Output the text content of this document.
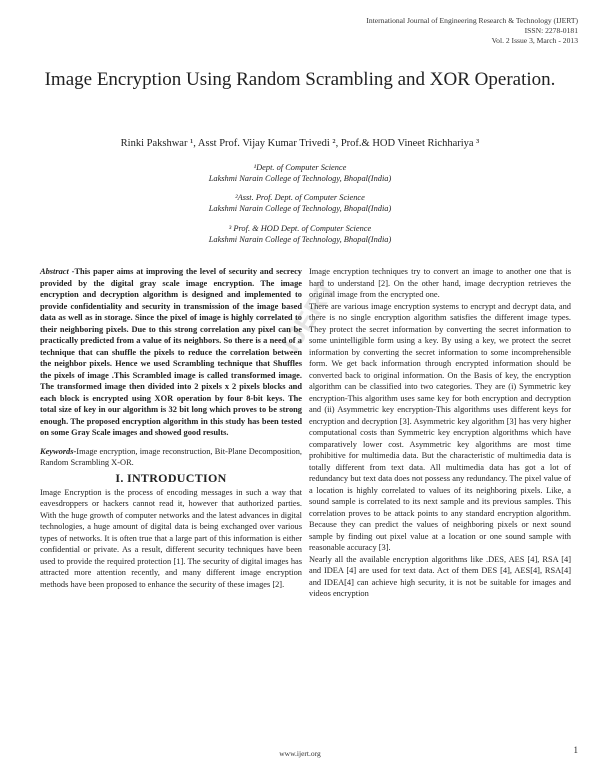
International Journal of Engineering Research & Technology (IJERT)
ISSN: 2278-0181
Vol. 2 Issue 3, March - 2013
Image Encryption Using Random Scrambling and XOR Operation.
Rinki Pakshwar ¹, Asst Prof. Vijay Kumar Trivedi ², Prof.& HOD Vineet Richhariya ³
¹Dept. of Computer Science
Lakshmi Narain College of Technology, Bhopal(India)
²Asst. Prof. Dept. of Computer Science
Lakshmi Narain College of Technology, Bhopal(India)
³ Prof. & HOD Dept. of Computer Science
Lakshmi Narain College of Technology, Bhopal(India)
IJERT

Abstract -This paper aims at improving the level of security and secrecy provided by the digital gray scale image encryption. The image encryption and decryption algorithm is designed and implemented to provide confidentiality and security in transmission of the image based data as well as in storage. Since the pixel of image is highly correlated to their neighboring pixels. Due to this strong correlation any pixel can be practically predicted from a value of its neighbors. So there is a need of a technique that can shuffle the pixels to reduce the correlation between the neighbor pixels. Hence we used Scrambling technique that Shuffles the pixels of image .This Scrambled image is called transformed image. The transformed image then divided into 2 pixels x 2 pixels blocks and each block is encrypted using XOR operation by four 8-bit keys. The total size of key in our algorithm is 32 bit long which proves to be strong enough. The proposed encryption algorithm in this study has been tested on some Gray Scale images and showed good results.

Keywords-Image encryption, image reconstruction, Bit-Plane Decomposition, Random Scrambling X-OR.

I. INTRODUCTION

Image Encryption is the process of encoding messages in such a way that eavesdroppers or hackers cannot read it, however that authorized parties. With the huge growth of computer networks and the latest advances in digital technologies, a huge amount of digital data is being exchanged over various types of networks. It is often true that a large part of this information is either confidential or private. As a result, different security techniques have been used to provide the required protection [1]. The security of digital images has attracted more attention recently, and many different image encryption methods have been proposed to enhance the security of these images [2].

Image encryption techniques try to convert an image to another one that is hard to understand [2]. On the other hand, image decryption retrieves the original image from the encrypted one.

There are various image encryption systems to encrypt and decrypt data, and there is no single encryption algorithm satisfies the different image types. They protect the secret information by converting the secret information to some unintelligible form using a key. By using a key, we protect the secret information by converting the secret information to some incomprehensible form. We get back information through encrypted information should be converted back to original information. On the Basis of key, the encryption algorithm can be classified into two categories. They are (i) Symmetric key encryption-This algorithm uses same key for both encryption and decryption and (ii) Asymmetric key encryption-This algorithms uses different keys for encryption and decryption [3]. Asymmetric key algorithm [3] has very higher computational costs than Symmetric key encryption algorithms which have comparatively lower cost. Asymmetric key algorithms are most time prohibitive for multimedia data. But the characteristic of multimedia data is totally different from text data. All multimedia data has got a lot of redundancy but text data does not possess any redundancy. The pixel value of a location is highly correlated to values of its neighboring pixels. Like, a sound sample is correlated to its next sample and its previous samples. This correlation proves to be attack points to any standard encryption algorithm. Because they can predict the values of neighboring pixels or next sound sample by finding out pixel value at a location or one sound sample with reasonable accuracy [3].

Nearly all the available encryption algorithms like .DES, AES [4], RSA [4] and IDEA [4] are used for text data. Act of them DES [4], AES[4], RSA[4] and IDEA[4] can achieve high security, it is not be suitable for images and videos encryption

www.ijert.org	1
